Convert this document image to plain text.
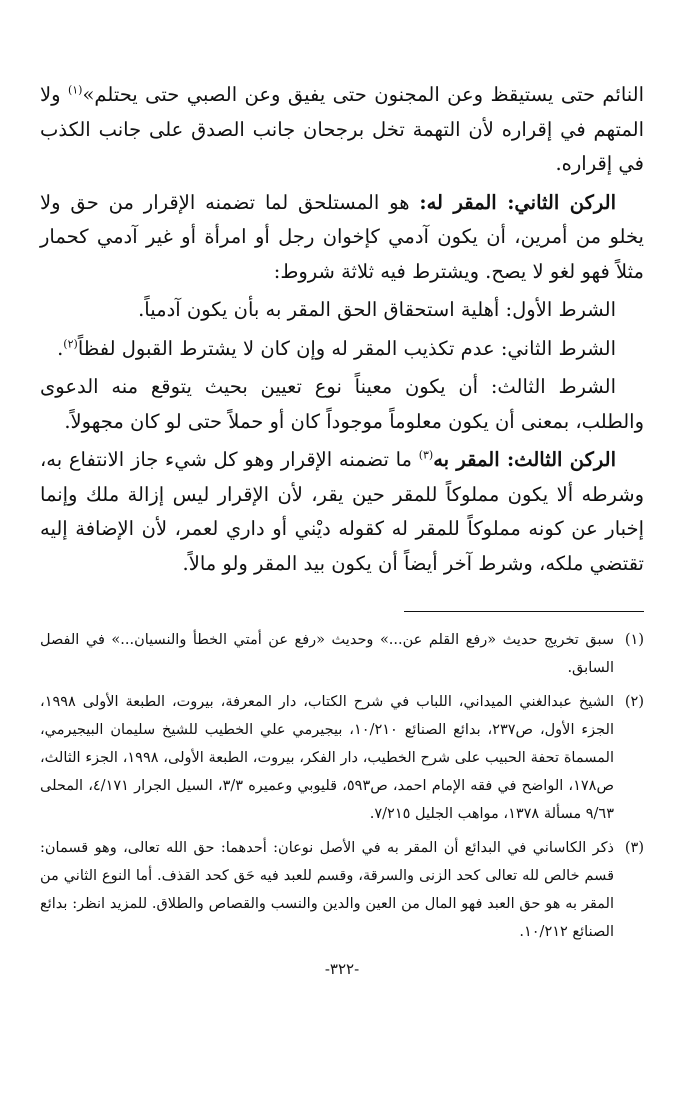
النائم حتى يستيقظ وعن المجنون حتى يفيق وعن الصبي حتى يحتلم»$^{(١)}$ ولا المتهم في إقراره لأن التهمة تخل برجحان جانب الصدق على جانب الكذب في إقراره.

الركن الثاني: المقر له: هو المستلحق لما تضمنه الإقرار من حق ولا يخلو من أمرين، أن يكون آدمي كإخوان رجل أو امرأة أو غير آدمي كحمار مثلاً فهو لغو لا يصح. ويشترط فيه ثلاثة شروط:

الشرط الأول: أهلية استحقاق الحق المقر به بأن يكون آدمياً.

الشرط الثاني: عدم تكذيب المقر له وإن كان لا يشترط القبول لفظاً$^{(٢)}$.

الشرط الثالث: أن يكون معيناً نوع تعيين بحيث يتوقع منه الدعوى والطلب، بمعنى أن يكون معلوماً موجوداً كان أو حملاً حتى لو كان مجهولاً.

الركن الثالث: المقر به$^{(٣)}$ ما تضمنه الإقرار وهو كل شيء جاز الانتفاع به، وشرطه ألا يكون مملوكاً للمقر حين يقر، لأن الإقرار ليس إزالة ملك وإنما إخبار عن كونه مملوكاً للمقر له كقوله ديْني أو داري لعمر، لأن الإضافة إليه تقتضي ملكه، وشرط آخر أيضاً أن يكون بيد المقر ولو مالاً.

(١)
سبق تخريج حديث «رفع القلم عن...» وحديث «رفع عن أمتي الخطأ والنسيان...» في الفصل السابق.
(٢)
الشيخ عبدالغني الميداني، اللباب في شرح الكتاب، دار المعرفة، بيروت، الطبعة الأولى ١٩٩٨، الجزء الأول، ص٢٣٧، بدائع الصنائع ١٠/٢١٠، بيجيرمي علي الخطيب للشيخ سليمان البيجيرمي، المسماة تحفة الحبيب على شرح الخطيب، دار الفكر، بيروت، الطبعة الأولى، ١٩٩٨، الجزء الثالث، ص١٧٨، الواضح في فقه الإمام احمد، ص٥٩٣، قليوبي وعميره ٣/٣، السيل الجرار ٤/١٧١، المحلى ٩/٦٣ مسألة ١٣٧٨، مواهب الجليل ٧/٢١٥.
(٣)
ذكر الكاساني في البدائع أن المقر به في الأصل نوعان: أحدهما: حق الله تعالى، وهو قسمان: قسم خالص لله تعالى كحد الزنى والسرقة، وقسم للعبد فيه حَق كحد القذف. أما النوع الثاني من المقر به هو حق العبد فهو المال من العين والدين والنسب والقصاص والطلاق. للمزيد انظر: بدائع الصنائع ١٠/٢١٢.
-٣٢٢-
